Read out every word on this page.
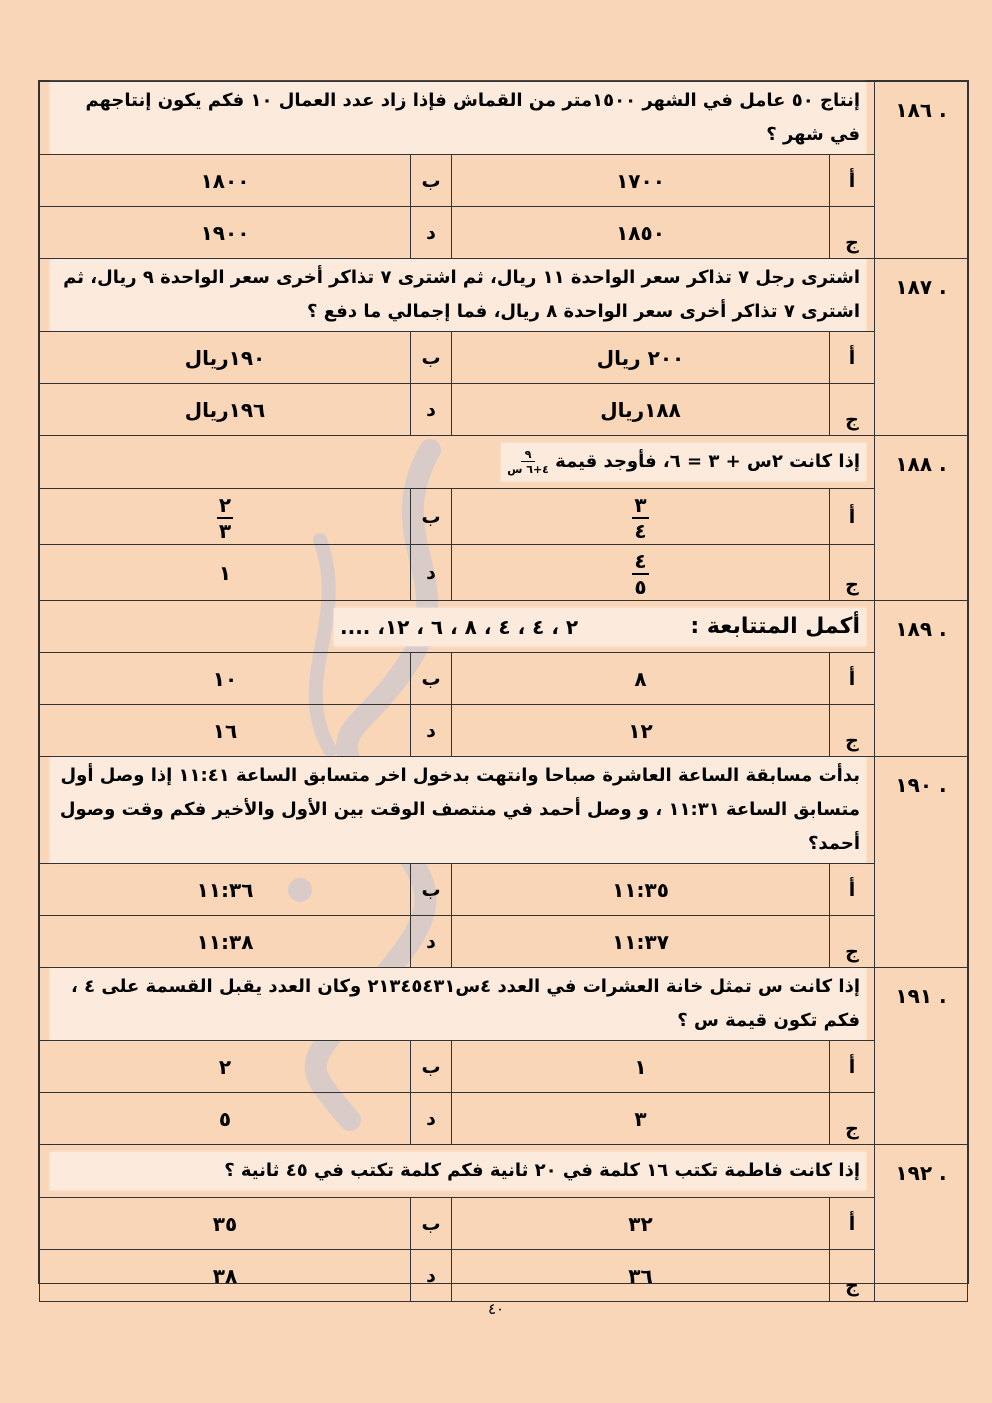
. ١٨٦	إنتاج ٥٠ عامل في الشهر ١٥٠٠متر من القماش فإذا زاد عدد العمال ١٠ فكم يكون إنتاجهم في شهر ؟			

	أ	١٧٠٠	ب	١٨٠٠
	ج	١٨٥٠	د	١٩٠٠
. ١٨٧	اشترى رجل ٧ تذاكر سعر الواحدة ١١ ريال، ثم اشترى ٧ تذاكر أخرى سعر الواحدة ٩ ريال، ثم اشترى ٧ تذاكر أخرى سعر الواحدة ٨ ريال، فما إجمالي ما دفع ؟			

	أ	٢٠٠ ريال	ب	١٩٠ريال
	ج	١٨٨ريال	د	١٩٦ريال
. ١٨٨	إذا كانت ٢س + ٣ = ٦، فأوجد قيمة
$\frac{٩}{\text{٤+٦ س}}$

	أ	$\frac{٣}{٤}$	ب	$\frac{٢}{٣}$

	ج	$\frac{٤}{٥}$	د	١
. ١٨٩	أكمل المتتابعة :
٢ ، ٤ ، ٤ ، ٨ ، ٦ ، ١٢، ....			

	أ	٨	ب	١٠
	ج	١٢	د	١٦
. ١٩٠	بدأت مسابقة الساعة العاشرة صباحا وانتهت بدخول اخر متسابق الساعة ١١:٤١ إذا وصل أول متسابق الساعة ١١:٣١ ، و وصل أحمد في منتصف الوقت بين الأول والأخير فكم وقت وصول أحمد؟			

	أ	١١:٣٥	ب	١١:٣٦
	ج	١١:٣٧	د	١١:٣٨
. ١٩١	إذا كانت س تمثل خانة العشرات في العدد ٤س٢١٣٤٥٤٣١ وكان العدد يقبل القسمة على ٤ ، فكم تكون قيمة س ؟			

	أ	١	ب	٢
	ج	٣	د	٥
. ١٩٢	إذا كانت فاطمة تكتب ١٦ كلمة في ٢٠ ثانية فكم كلمة تكتب في ٤٥ ثانية ؟			

	أ	٣٢	ب	٣٥
	ج	٣٦	د	٣٨
٤٠
